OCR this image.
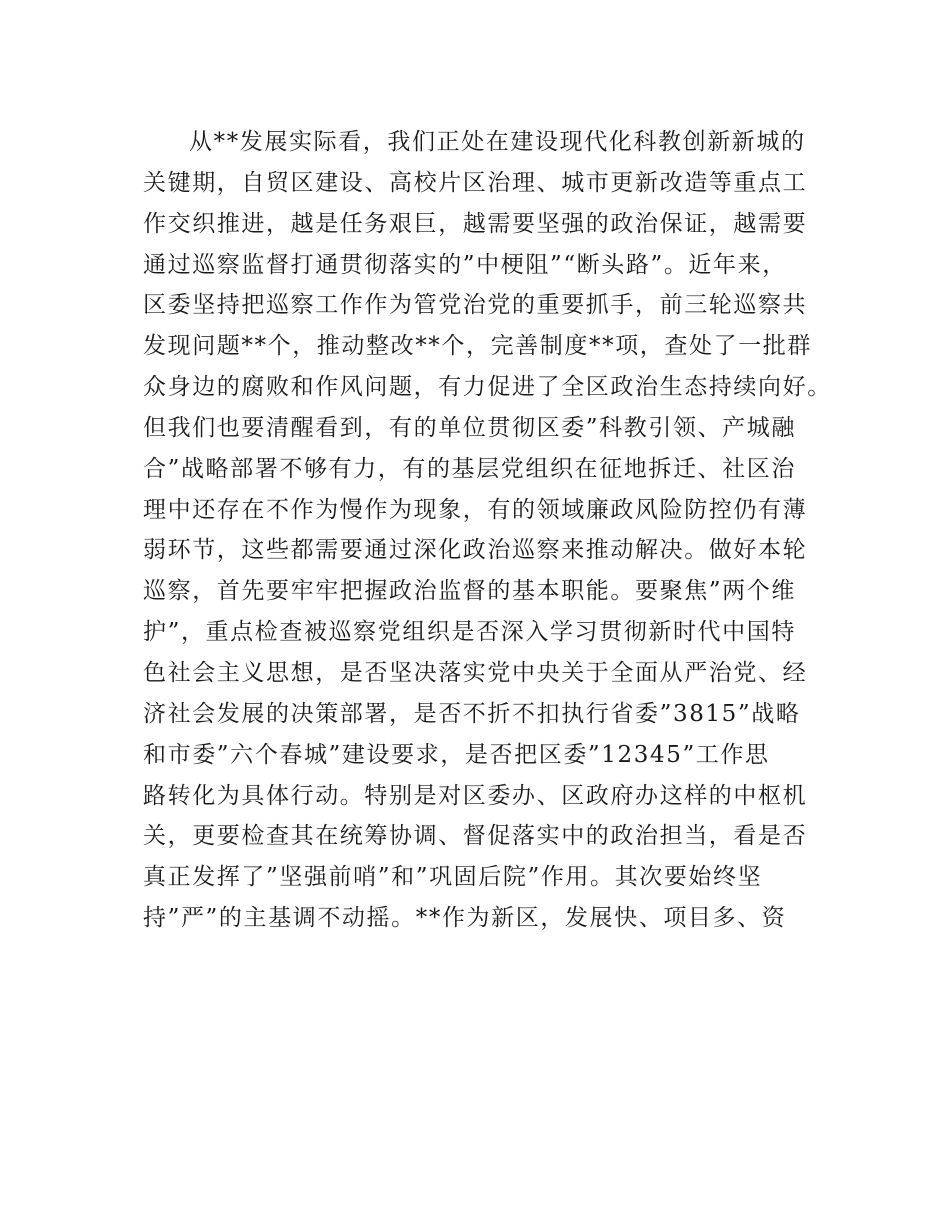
从**发展实际看，我们正处在建设现代化科教创新新城的
关键期，自贸区建设、高校片区治理、城市更新改造等重点工
作交织推进，越是任务艰巨，越需要坚强的政治保证，越需要
通过巡察监督打通贯彻落实的”中梗阻”“断头路”。近年来，
区委坚持把巡察工作作为管党治党的重要抓手，前三轮巡察共
发现问题**个，推动整改**个，完善制度**项，查处了一批群
众身边的腐败和作风问题，有力促进了全区政治生态持续向好。
但我们也要清醒看到，有的单位贯彻区委”科教引领、产城融
合”战略部署不够有力，有的基层党组织在征地拆迁、社区治
理中还存在不作为慢作为现象，有的领域廉政风险防控仍有薄
弱环节，这些都需要通过深化政治巡察来推动解决。做好本轮
巡察，首先要牢牢把握政治监督的基本职能。要聚焦”两个维
护”，重点检查被巡察党组织是否深入学习贯彻新时代中国特
色社会主义思想，是否坚决落实党中央关于全面从严治党、经
济社会发展的决策部署，是否不折不扣执行省委”3815”战略
和市委”六个春城”建设要求，是否把区委”12345”工作思
路转化为具体行动。特别是对区委办、区政府办这样的中枢机
关，更要检查其在统筹协调、督促落实中的政治担当，看是否
真正发挥了”坚强前哨”和”巩固后院”作用。其次要始终坚
持”严”的主基调不动摇。**作为新区，发展快、项目多、资
